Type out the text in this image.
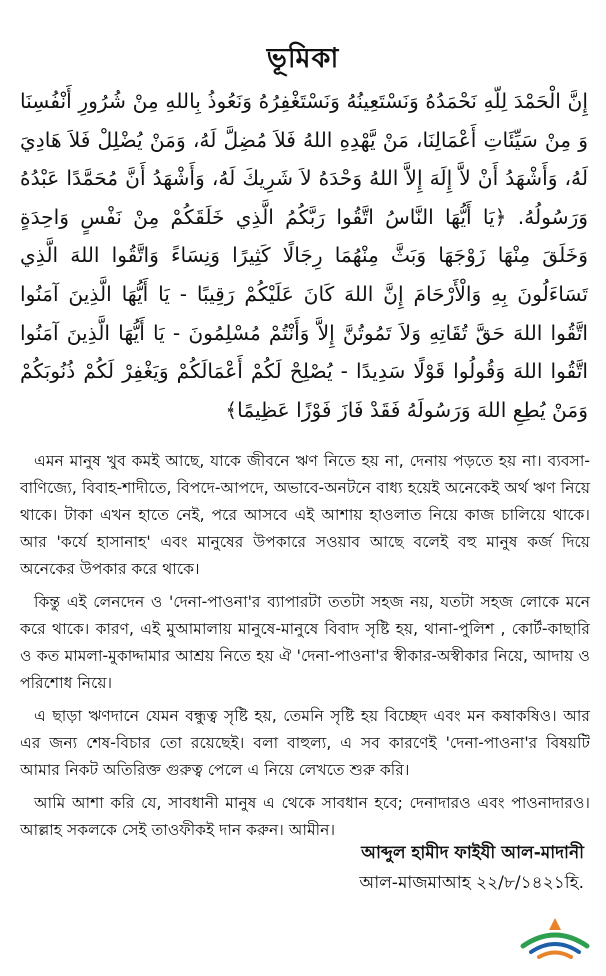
ভূমিকা
إِنَّ الْحَمْدَ لِلّهِ نَحْمَدُهُ وَنَسْتَعِينُهُ وَنَسْتَغْفِرُهُ وَنَعُوذُ بِاللهِ مِنْ شُرُورِ أَنْفُسِنَا وَ مِنْ سَيِّئَاتِ أَعْمَالِنَا، مَنْ يَّهْدِهِ اللهُ فَلاَ مُضِلَّ لَهُ، وَمَنْ يُضْلِلْ فَلاَ هَادِيَ لَهُ، وَأَشْهَدُ أَنْ لاَّ إِلَهَ إِلاَّ اللهُ وَحْدَهُ لاَ شَرِيكَ لَهُ، وَأَشْهَدُ أَنَّ مُحَمَّدًا عَبْدُهُ وَرَسُولُهُ. ﴿يَا أَيُّهَا النَّاسُ اتَّقُوا رَبَّكُمُ الَّذِي خَلَقَكُمْ مِنْ نَفْسٍ وَاحِدَةٍ وَخَلَقَ مِنْهَا زَوْجَهَا وَبَثَّ مِنْهُمَا رِجَالًا كَثِيرًا وَنِسَاءً وَاتَّقُوا اللهَ الَّذِي تَسَاءَلُونَ بِهِ وَالْأَرْحَامَ إِنَّ اللهَ كَانَ عَلَيْكُمْ رَقِيبًا - يَا أَيُّهَا الَّذِينَ آمَنُوا اتَّقُوا اللهَ حَقَّ تُقَاتِهِ وَلاَ تَمُوتُنَّ إِلاَّ وَأَنْتُمْ مُسْلِمُونَ - يَا أَيُّهَا الَّذِينَ آمَنُوا اتَّقُوا اللهَ وَقُولُوا قَوْلًا سَدِيدًا - يُصْلِحْ لَكُمْ أَعْمَالَكُمْ وَيَغْفِرْ لَكُمْ ذُنُوبَكُمْ وَمَنْ يُطِعِ اللهَ وَرَسُولَهُ فَقَدْ فَازَ فَوْزًا عَظِيمًا﴾

এমন মানুষ খুব কমই আছে, যাকে জীবনে ঋণ নিতে হয় না, দেনায় পড়তে হয় না। ব্যবসা-বাণিজ্যে, বিবাহ-শাদীতে, বিপদে-আপদে, অভাবে-অনটনে বাধ্য হয়েই অনেকেই অর্থ ঋণ নিয়ে থাকে। টাকা এখন হাতে নেই, পরে আসবে এই আশায় হাওলাত নিয়ে কাজ চালিয়ে থাকে। আর 'কর্যে হাসানাহ' এবং মানুষের উপকারে সওয়াব আছে বলেই বহু মানুষ কর্জ দিয়ে অনেকের উপকার করে থাকে।

কিন্তু এই লেনদেন ও 'দেনা-পাওনা'র ব্যাপারটা ততটা সহজ নয়, যতটা সহজ লোকে মনে করে থাকে। কারণ, এই মুআমালায় মানুষে-মানুষে বিবাদ সৃষ্টি হয়, থানা-পুলিশ , কোর্ট-কাছারি ও কত মামলা-মুকাদ্দামার আশ্রয় নিতে হয় ঐ 'দেনা-পাওনা'র স্বীকার-অস্বীকার নিয়ে, আদায় ও পরিশোধ নিয়ে।

এ ছাড়া ঋণদানে যেমন বন্ধুত্ব সৃষ্টি হয়, তেমনি সৃষ্টি হয় বিচ্ছেদ এবং মন কষাকষিও। আর এর জন্য শেষ-বিচার তো রয়েছেই। বলা বাহুল্য, এ সব কারণেই 'দেনা-পাওনা'র বিষয়টি আমার নিকট অতিরিক্ত গুরুত্ব পেলে এ নিয়ে লেখতে শুরু করি।

আমি আশা করি যে, সাবধানী মানুষ এ থেকে সাবধান হবে; দেনাদারও এবং পাওনাদারও। আল্লাহ সকলকে সেই তাওফীকই দান করুন। আমীন।

আব্দুল হামীদ ফাইযী আল-মাদানী
আল-মাজমাআহ ২২/৮/১৪২১হি.
